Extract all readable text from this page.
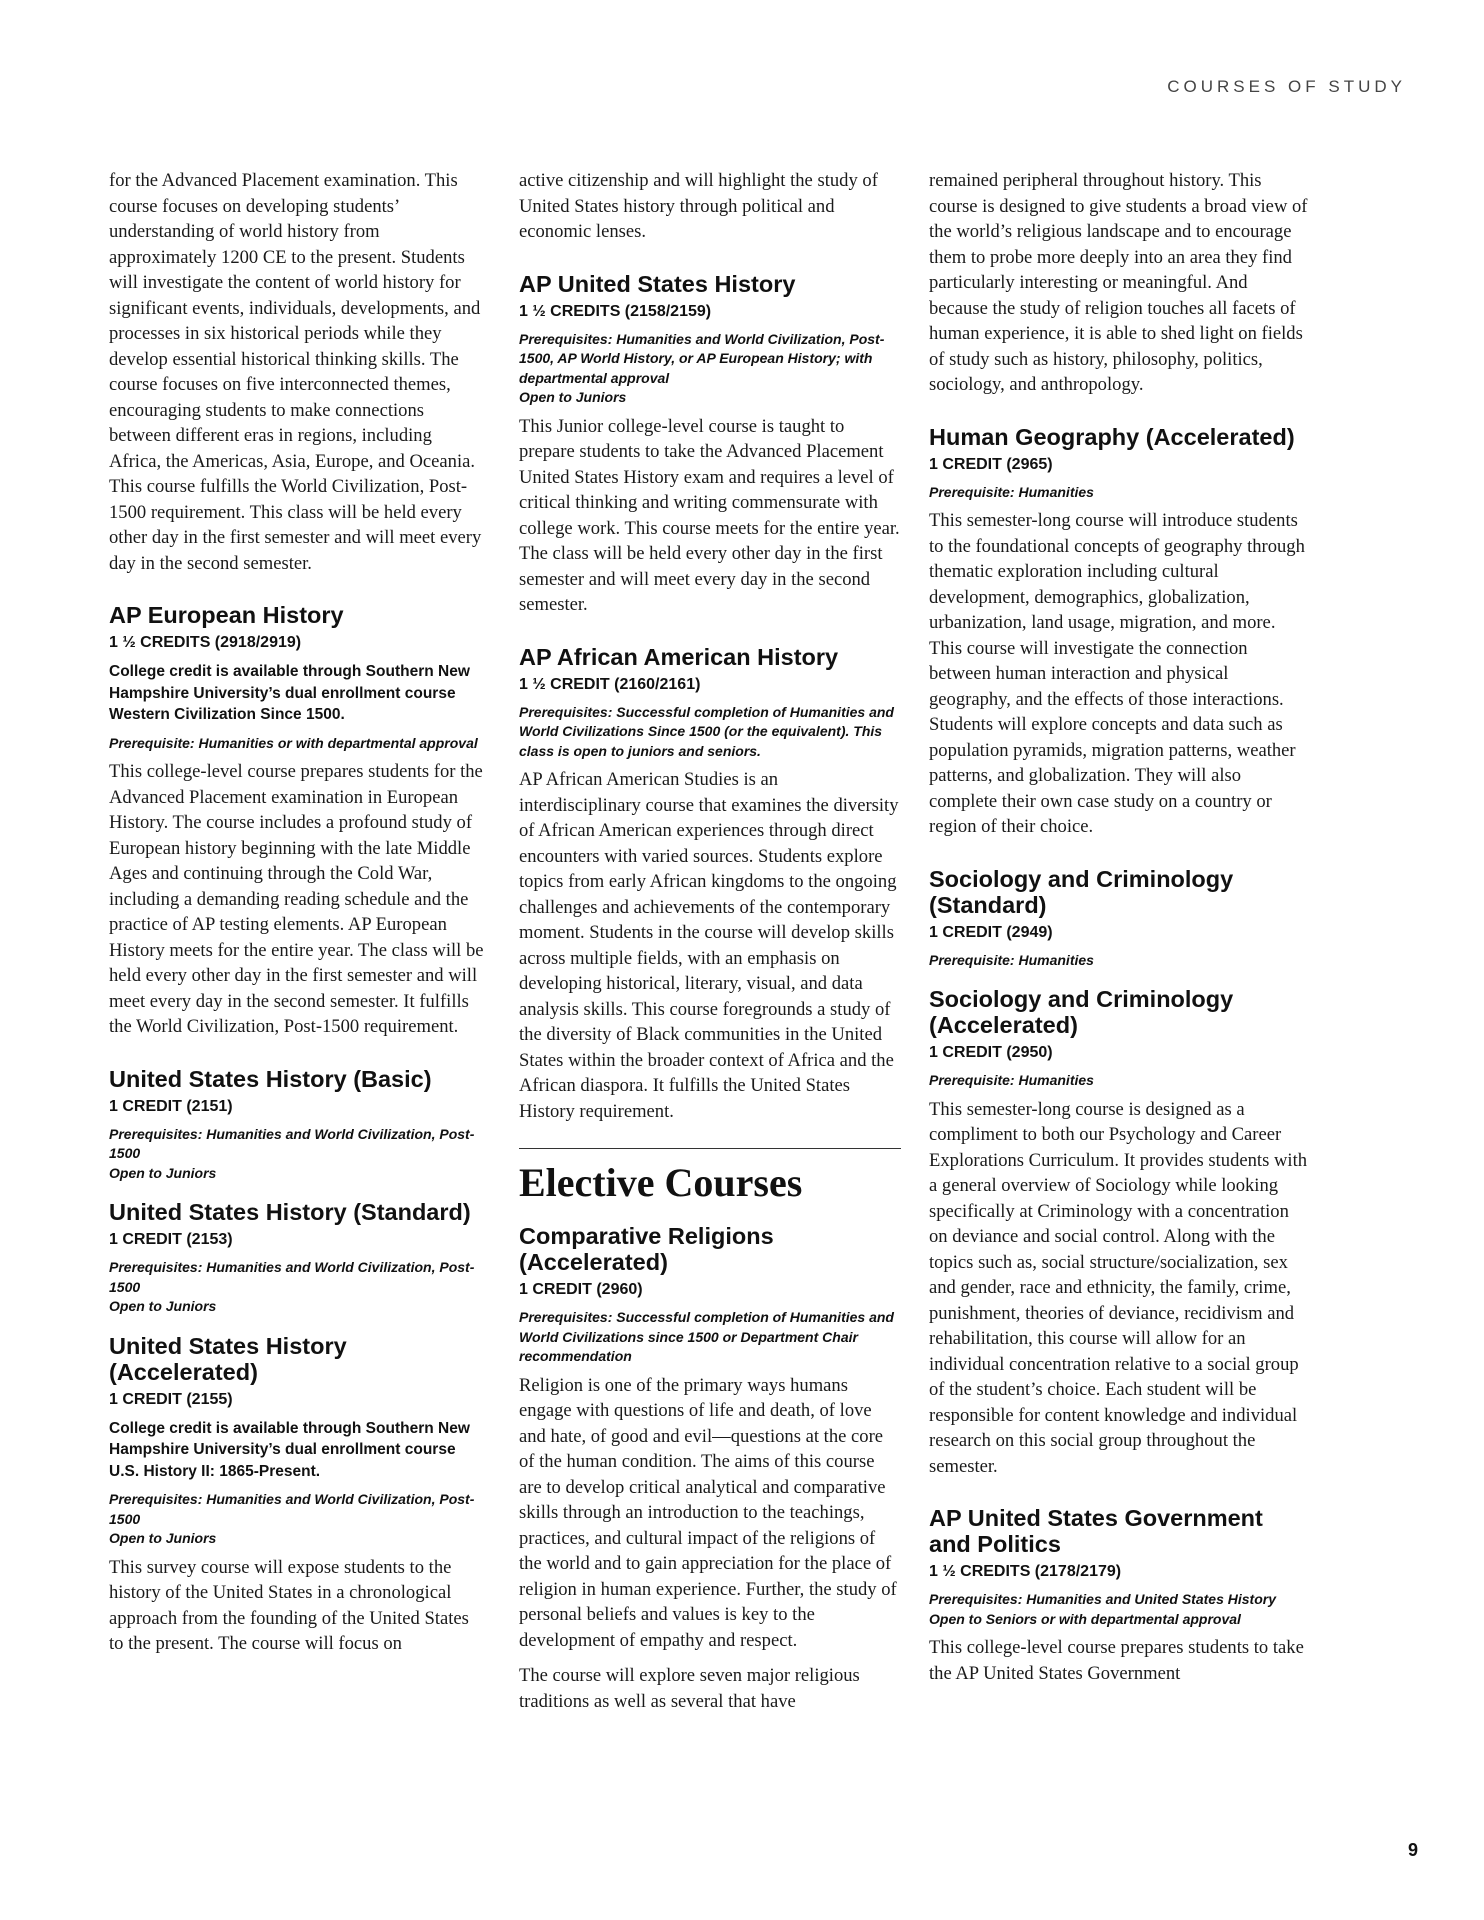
COURSES OF STUDY

for the Advanced Placement examination. This course focuses on developing students’ understanding of world history from approximately 1200 CE to the present. Students will investigate the content of world history for significant events, individuals, developments, and processes in six historical periods while they develop essential historical thinking skills. The course focuses on five interconnected themes, encouraging students to make connections between different eras in regions, including Africa, the Americas, Asia, Europe, and Oceania. This course fulfills the World Civilization, Post-1500 requirement. This class will be held every other day in the first semester and will meet every day in the second semester.

AP European History
1 ½ CREDITS (2918/2919)
College credit is available through Southern New Hampshire University’s dual enrollment course Western Civilization Since 1500.
Prerequisite: Humanities or with departmental approval

This college-level course prepares students for the Advanced Placement examination in European History. The course includes a profound study of European history beginning with the late Middle Ages and continuing through the Cold War, including a demanding reading schedule and the practice of AP testing elements. AP European History meets for the entire year. The class will be held every other day in the first semester and will meet every day in the second semester. It fulfills the World Civilization, Post-1500 requirement.

United States History (Basic)
1 CREDIT (2151)
Prerequisites: Humanities and World Civilization, Post-1500
Open to Juniors
United States History (Standard)
1 CREDIT (2153)
Prerequisites: Humanities and World Civilization, Post-1500
Open to Juniors
United States History (Accelerated)
1 CREDIT (2155)
College credit is available through Southern New Hampshire University’s dual enrollment course U.S. History II: 1865-Present.
Prerequisites: Humanities and World Civilization, Post-1500
Open to Juniors

This survey course will expose students to the history of the United States in a chronological approach from the founding of the United States to the present. The course will focus on

active citizenship and will highlight the study of United States history through political and economic lenses.

AP United States History
1 ½ CREDITS (2158/2159)
Prerequisites: Humanities and World Civilization, Post-1500, AP World History, or AP European History; with departmental approval
Open to Juniors

This Junior college-level course is taught to prepare students to take the Advanced Placement United States History exam and requires a level of critical thinking and writing commensurate with college work. This course meets for the entire year. The class will be held every other day in the first semester and will meet every day in the second semester.

AP African American History
1 ½ CREDIT (2160/2161)
Prerequisites: Successful completion of Humanities and World Civilizations Since 1500 (or the equivalent). This class is open to juniors and seniors.

AP African American Studies is an interdisciplinary course that examines the diversity of African American experiences through direct encounters with varied sources. Students explore topics from early African kingdoms to the ongoing challenges and achievements of the contemporary moment. Students in the course will develop skills across multiple fields, with an emphasis on developing historical, literary, visual, and data analysis skills. This course foregrounds a study of the diversity of Black communities in the United States within the broader context of Africa and the African diaspora. It fulfills the United States History requirement.

Elective Courses
Comparative Religions (Accelerated)
1 CREDIT (2960)
Prerequisites: Successful completion of Humanities and World Civilizations since 1500 or Department Chair recommendation

Religion is one of the primary ways humans engage with questions of life and death, of love and hate, of good and evil—questions at the core of the human condition. The aims of this course are to develop critical analytical and comparative skills through an introduction to the teachings, practices, and cultural impact of the religions of the world and to gain appreciation for the place of religion in human experience. Further, the study of personal beliefs and values is key to the development of empathy and respect.

The course will explore seven major religious traditions as well as several that have

remained peripheral throughout history. This course is designed to give students a broad view of the world’s religious landscape and to encourage them to probe more deeply into an area they find particularly interesting or meaningful. And because the study of religion touches all facets of human experience, it is able to shed light on fields of study such as history, philosophy, politics, sociology, and anthropology.

Human Geography (Accelerated)
1 CREDIT (2965)
Prerequisite: Humanities

This semester-long course will introduce students to the foundational concepts of geography through thematic exploration including cultural development, demographics, globalization, urbanization, land usage, migration, and more. This course will investigate the connection between human interaction and physical geography, and the effects of those interactions. Students will explore concepts and data such as population pyramids, migration patterns, weather patterns, and globalization. They will also complete their own case study on a country or region of their choice.

Sociology and Criminology (Standard)
1 CREDIT (2949)
Prerequisite: Humanities
Sociology and Criminology (Accelerated)
1 CREDIT (2950)
Prerequisite: Humanities

This semester-long course is designed as a compliment to both our Psychology and Career Explorations Curriculum. It provides students with a general overview of Sociology while looking specifically at Criminology with a concentration on deviance and social control. Along with the topics such as, social structure/socialization, sex and gender, race and ethnicity, the family, crime, punishment, theories of deviance, recidivism and rehabilitation, this course will allow for an individual concentration relative to a social group of the student’s choice. Each student will be responsible for content knowledge and individual research on this social group throughout the semester.

AP United States Government and Politics
1 ½ CREDITS (2178/2179)
Prerequisites: Humanities and United States History
Open to Seniors or with departmental approval

This college-level course prepares students to take the AP United States Government

9
